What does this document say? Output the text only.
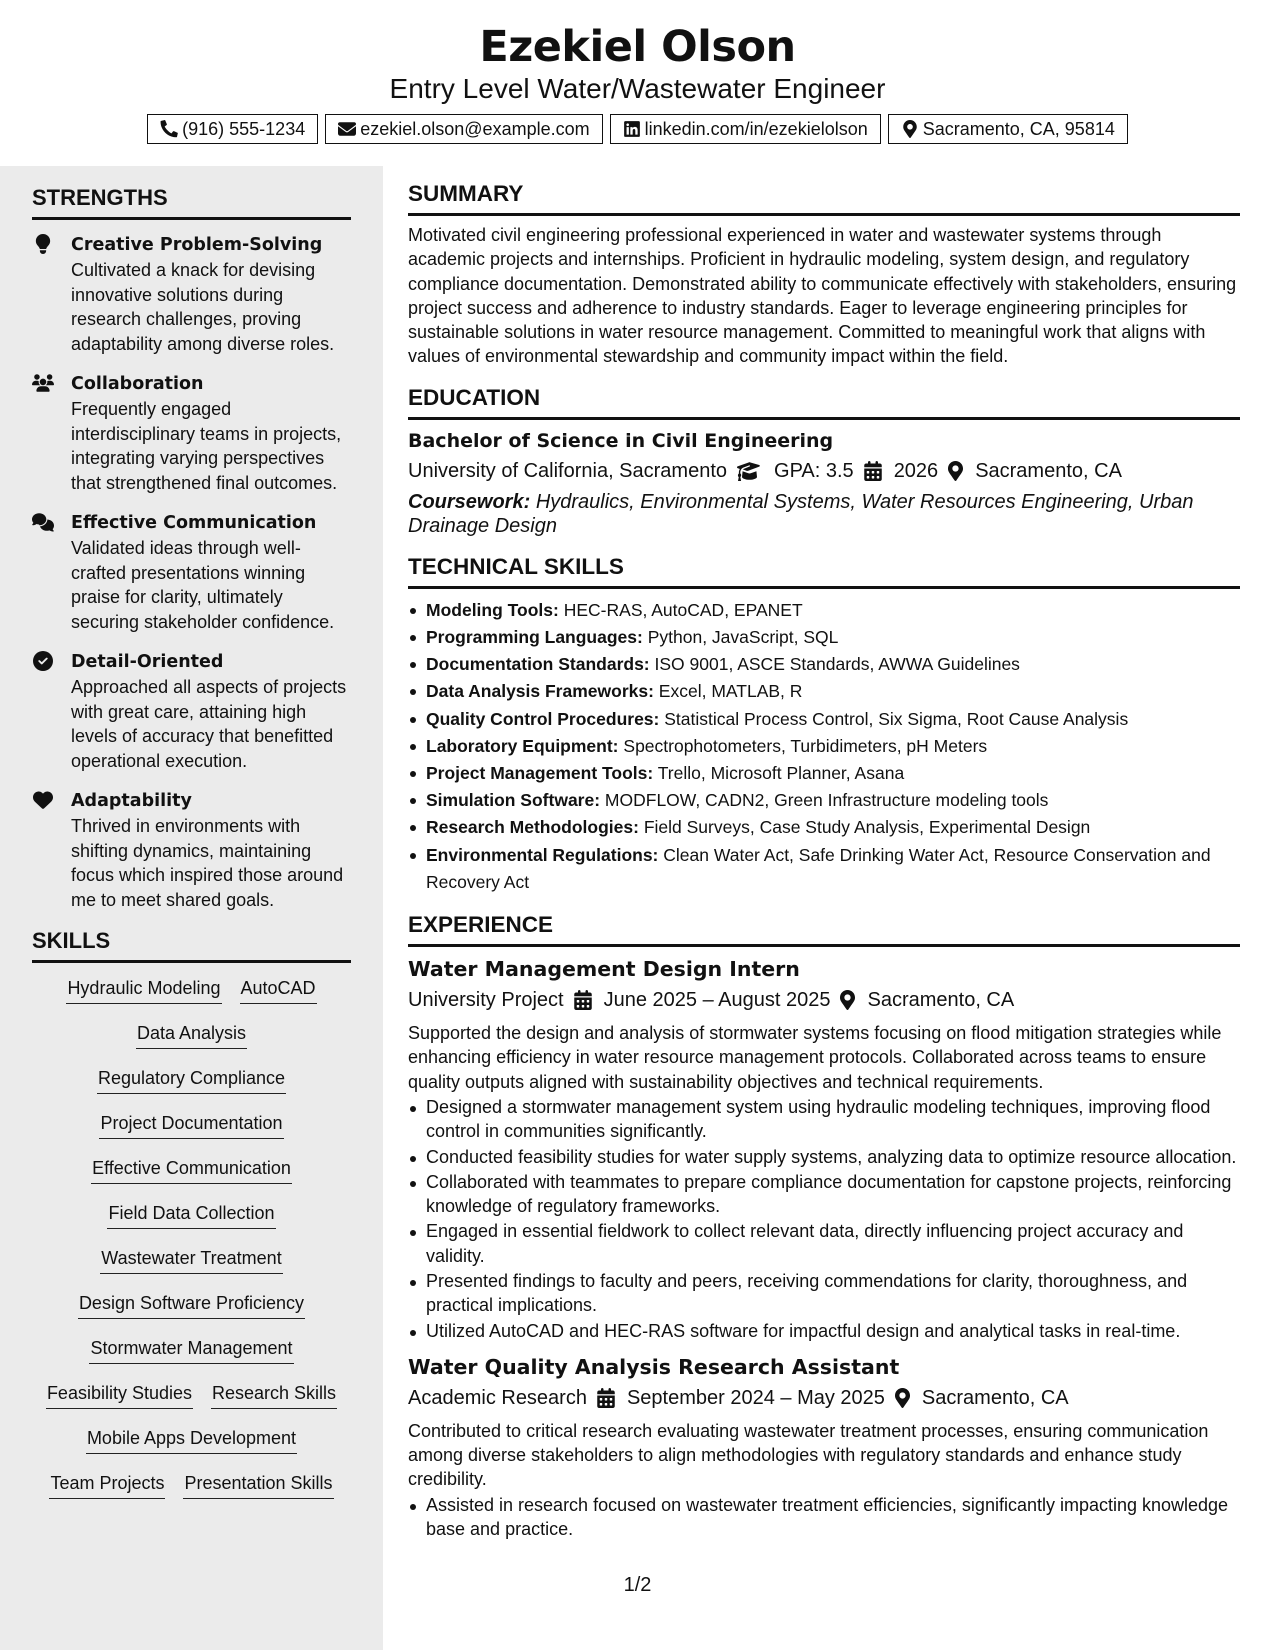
Ezekiel Olson
Entry Level Water/Wastewater Engineer
(916) 555-1234	ezekiel.olson@example.com	linkedin.com/in/ezekielolson	Sacramento, CA, 95814
STRENGTHS
Creative Problem-Solving
Cultivated a knack for devising innovative solutions during research challenges, proving adaptability among diverse roles.
Collaboration
Frequently engaged interdisciplinary teams in projects, integrating varying perspectives that strengthened final outcomes.
Effective Communication
Validated ideas through well-crafted presentations winning praise for clarity, ultimately securing stakeholder confidence.
Detail-Oriented
Approached all aspects of projects with great care, attaining high levels of accuracy that benefitted operational execution.
Adaptability
Thrived in environments with shifting dynamics, maintaining focus which inspired those around me to meet shared goals.
SKILLS
Hydraulic Modeling AutoCAD
Data Analysis
Regulatory Compliance
Project Documentation
Effective Communication
Field Data Collection
Wastewater Treatment
Design Software Proficiency
Stormwater Management
Feasibility Studies Research Skills
Mobile Apps Development
Team Projects Presentation Skills
SUMMARY
Motivated civil engineering professional experienced in water and wastewater systems through academic projects and internships. Proficient in hydraulic modeling, system design, and regulatory compliance documentation. Demonstrated ability to communicate effectively with stakeholders, ensuring project success and adherence to industry standards. Eager to leverage engineering principles for sustainable solutions in water resource management. Committed to meaningful work that aligns with values of environmental stewardship and community impact within the field.
EDUCATION
Bachelor of Science in Civil Engineering
University of California, Sacramento GPA: 3.5 2026 Sacramento, CA
Coursework: Hydraulics, Environmental Systems, Water Resources Engineering, Urban Drainage Design
TECHNICAL SKILLS
Modeling Tools: HEC-RAS, AutoCAD, EPANET
Programming Languages: Python, JavaScript, SQL
Documentation Standards: ISO 9001, ASCE Standards, AWWA Guidelines
Data Analysis Frameworks: Excel, MATLAB, R
Quality Control Procedures: Statistical Process Control, Six Sigma, Root Cause Analysis
Laboratory Equipment: Spectrophotometers, Turbidimeters, pH Meters
Project Management Tools: Trello, Microsoft Planner, Asana
Simulation Software: MODFLOW, CADN2, Green Infrastructure modeling tools
Research Methodologies: Field Surveys, Case Study Analysis, Experimental Design
Environmental Regulations: Clean Water Act, Safe Drinking Water Act, Resource Conservation and Recovery Act
EXPERIENCE
Water Management Design Intern
University Project June 2025 – August 2025 Sacramento, CA
Supported the design and analysis of stormwater systems focusing on flood mitigation strategies while enhancing efficiency in water resource management protocols. Collaborated across teams to ensure quality outputs aligned with sustainability objectives and technical requirements.
Designed a stormwater management system using hydraulic modeling techniques, improving flood control in communities significantly.
Conducted feasibility studies for water supply systems, analyzing data to optimize resource allocation.
Collaborated with teammates to prepare compliance documentation for capstone projects, reinforcing knowledge of regulatory frameworks.
Engaged in essential fieldwork to collect relevant data, directly influencing project accuracy and validity.
Presented findings to faculty and peers, receiving commendations for clarity, thoroughness, and practical implications.
Utilized AutoCAD and HEC-RAS software for impactful design and analytical tasks in real-time.
Water Quality Analysis Research Assistant
Academic Research September 2024 – May 2025 Sacramento, CA
Contributed to critical research evaluating wastewater treatment processes, ensuring communication among diverse stakeholders to align methodologies with regulatory standards and enhance study credibility.
Assisted in research focused on wastewater treatment efficiencies, significantly impacting knowledge base and practice.
1/2
